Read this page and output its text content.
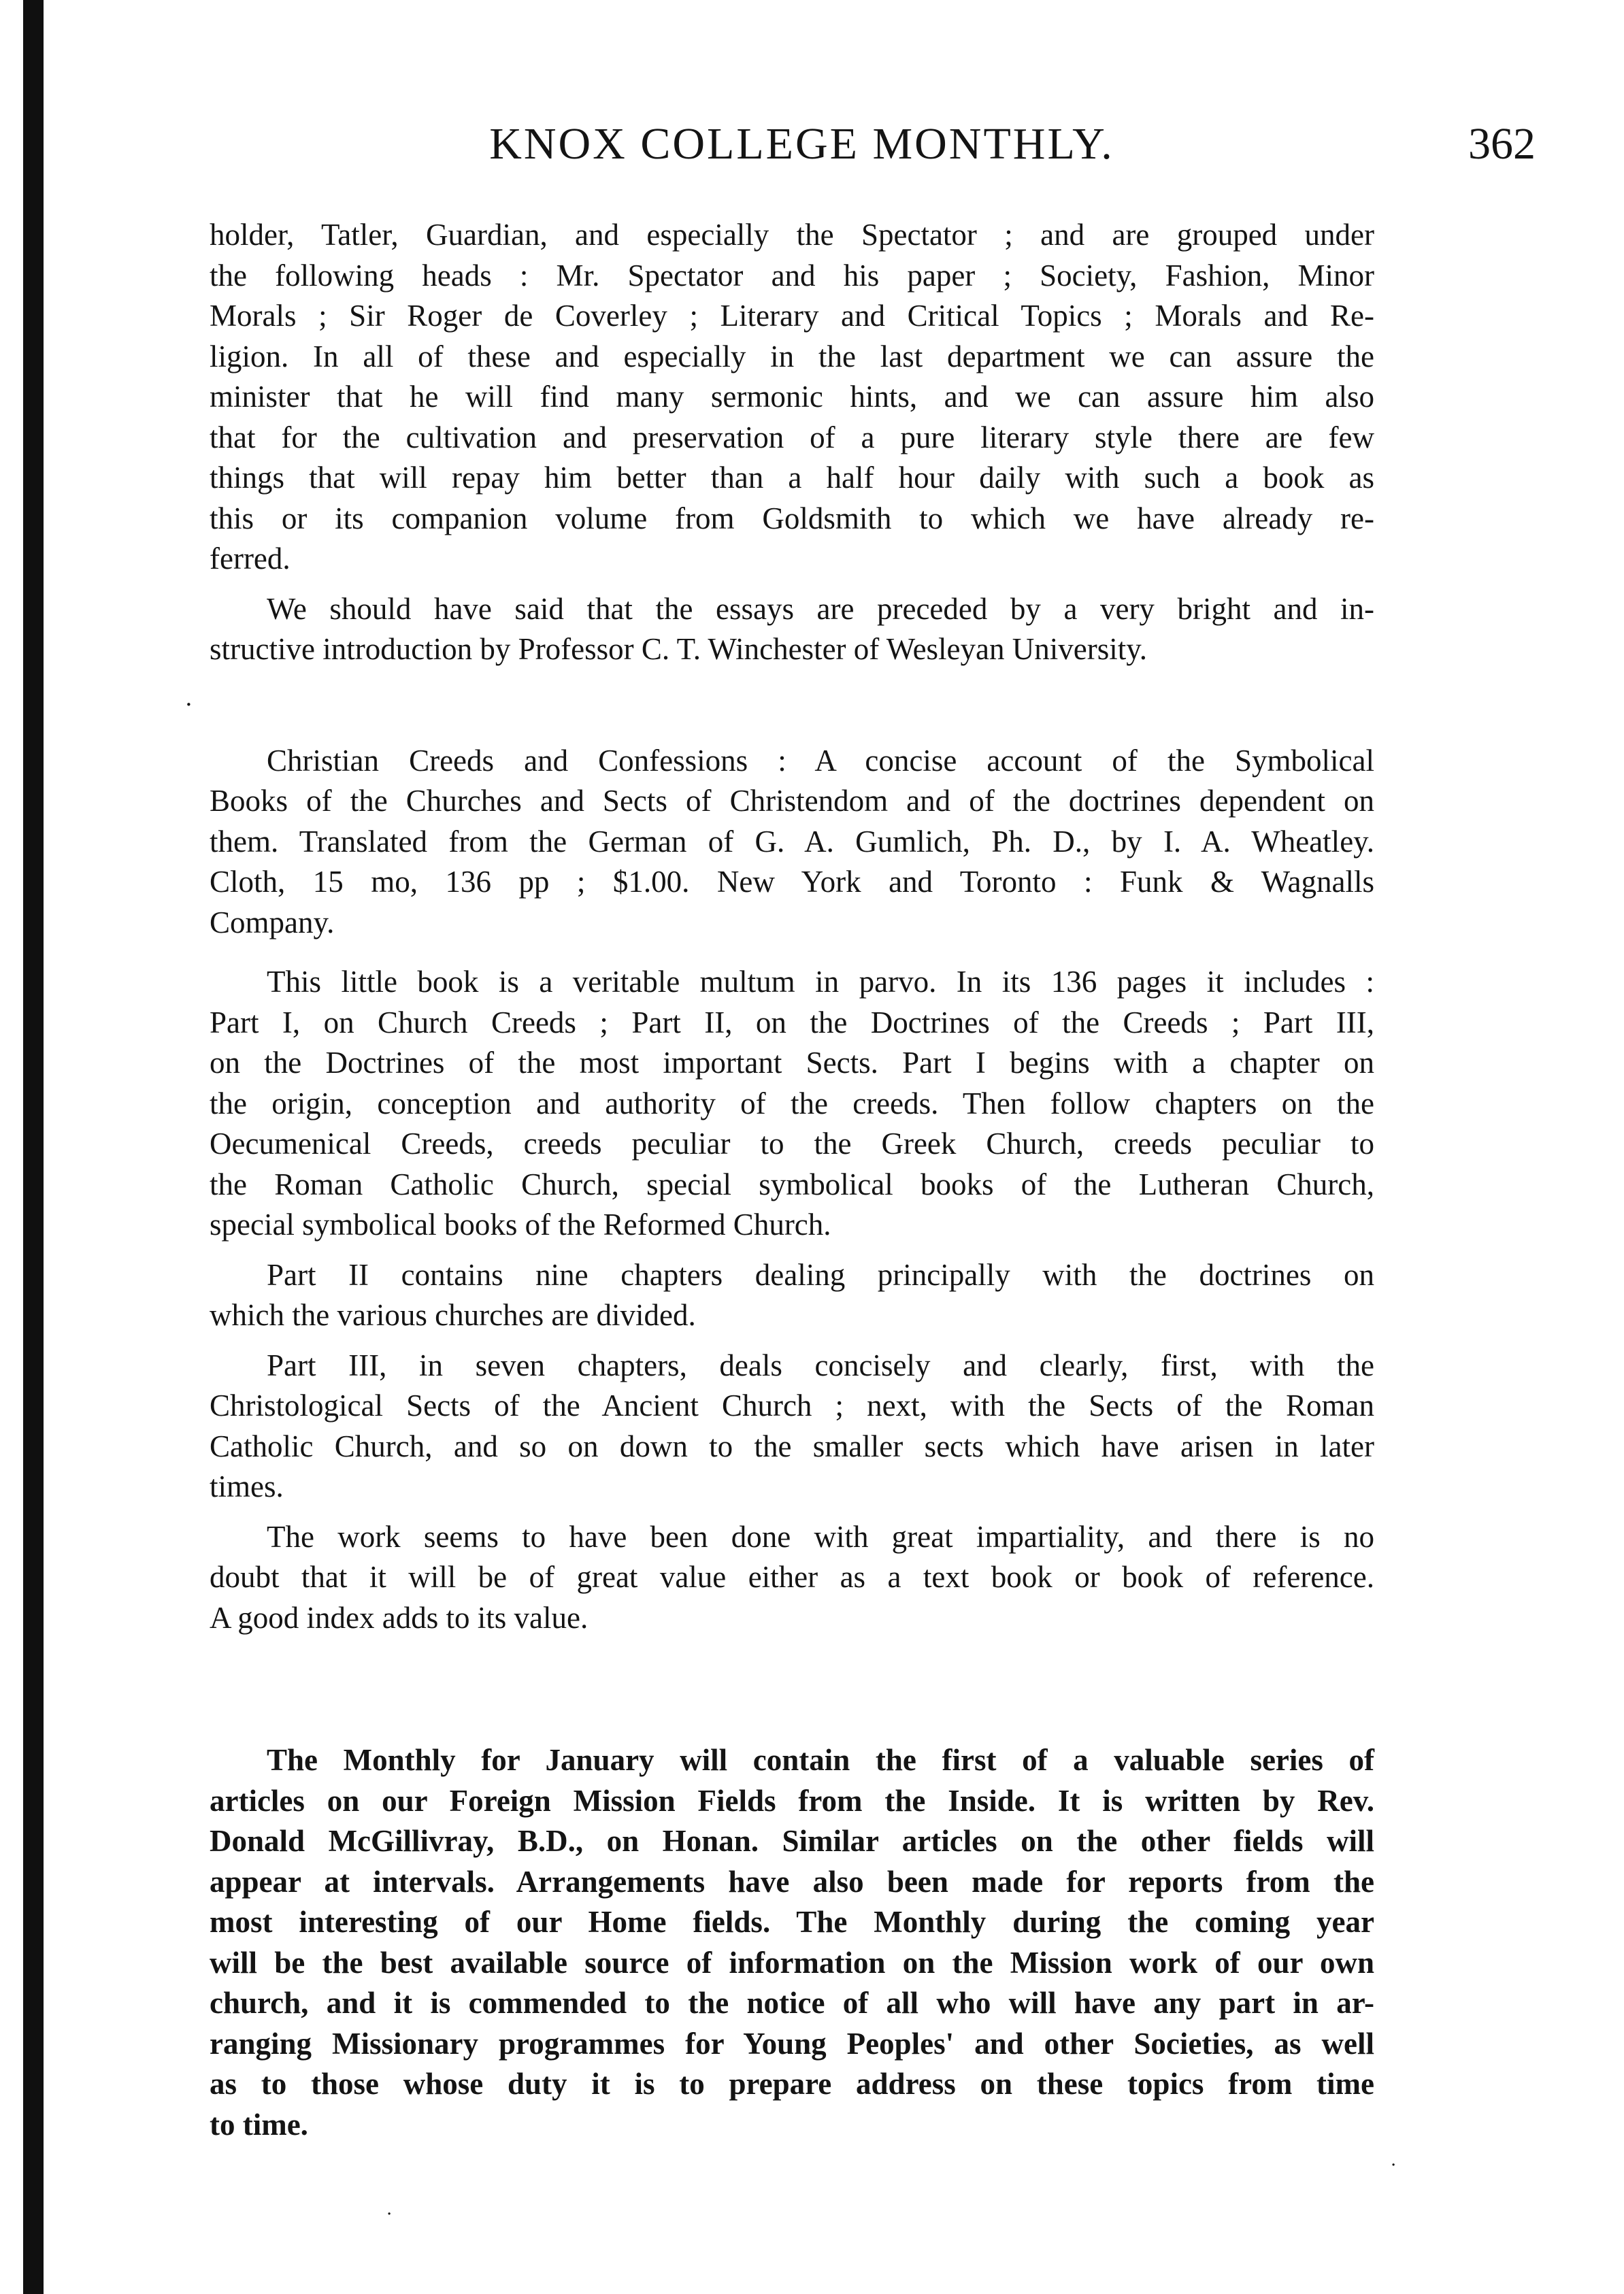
KNOX COLLEGE MONTHLY.	362
·

holder, Tatler, Guardian, and especially the Spectator ; and are grouped under
the following heads : Mr. Spectator and his paper ; Society, Fashion, Minor
Morals ; Sir Roger de Coverley ; Literary and Critical Topics ; Morals and Re-
ligion. In all of these and especially in the last department we can assure the
minister that he will find many sermonic hints, and we can assure him also
that for the cultivation and preservation of a pure literary style there are few
things that will repay him better than a half hour daily with such a book as
this or its companion volume from Goldsmith to which we have already re-
ferred.

We should have said that the essays are preceded by a very bright and in-
structive introduction by Professor C. T. Winchester of Wesleyan University.

Christian Creeds and Confessions : A concise account of the Symbolical
Books of the Churches and Sects of Christendom and of the doctrines dependent on
them. Translated from the German of G. A. Gumlich, Ph. D., by I. A. Wheatley.
Cloth, 15 mo, 136 pp ; $1.00. New York and Toronto : Funk & Wagnalls
Company.

This little book is a veritable multum in parvo. In its 136 pages it includes :
Part I, on Church Creeds ; Part II, on the Doctrines of the Creeds ; Part III,
on the Doctrines of the most important Sects. Part I begins with a chapter on
the origin, conception and authority of the creeds. Then follow chapters on the
Oecumenical Creeds, creeds peculiar to the Greek Church, creeds peculiar to
the Roman Catholic Church, special symbolical books of the Lutheran Church,
special symbolical books of the Reformed Church.

Part II contains nine chapters dealing principally with the doctrines on
which the various churches are divided.

Part III, in seven chapters, deals concisely and clearly, first, with the
Christological Sects of the Ancient Church ; next, with the Sects of the Roman
Catholic Church, and so on down to the smaller sects which have arisen in later
times.

The work seems to have been done with great impartiality, and there is no
doubt that it will be of great value either as a text book or book of reference.
A good index adds to its value.

The Monthly for January will contain the first of a valuable series of
articles on our Foreign Mission Fields from the Inside. It is written by Rev.
Donald McGillivray, B.D., on Honan. Similar articles on the other fields will
appear at intervals. Arrangements have also been made for reports from the
most interesting of our Home fields. The Monthly during the coming year
will be the best available source of information on the Mission work of our own
church, and it is commended to the notice of all who will have any part in ar-
ranging Missionary programmes for Young Peoples' and other Societies, as well
as to those whose duty it is to prepare address on these topics from time
to time.

·
·
